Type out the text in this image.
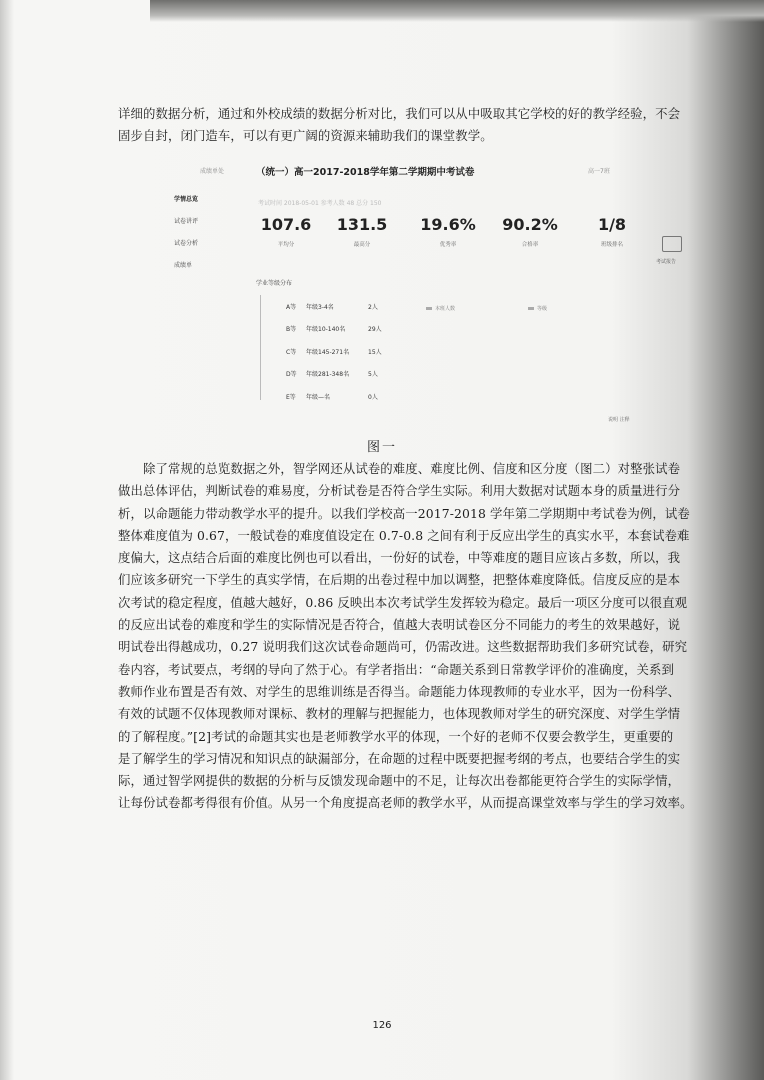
详细的数据分析，通过和外校成绩的数据分析对比，我们可以从中吸取其它学校的好的教学经验，不会
固步自封，闭门造车，可以有更广阔的资源来辅助我们的课堂教学。
成绩单处	（统一）高一2017-2018学年第二学期期中考试卷	高一7班
考试时间 2018-05-01 参考人数 48 总分 150
学情总览
试卷讲评
试卷分析
成绩单
107.6
平均分
131.5
最高分
19.6%
优秀率
90.2%
合格率
1/8
班级排名
考试报告
学业等级分布
A等 年级3-4名	2人
B等 年级10-140名	29人
C等 年级145-271名	15人
D等 年级281-348名	5人
E等 年级—名	0人
本班人数	等级
说明 注释
图一
　　除了常规的总览数据之外，智学网还从试卷的难度、难度比例、信度和区分度（图二）对整张试卷
做出总体评估，判断试卷的难易度，分析试卷是否符合学生实际。利用大数据对试题本身的质量进行分
析，以命题能力带动教学水平的提升。以我们学校高一2017-2018 学年第二学期期中考试卷为例，试卷
整体难度值为 0.67，一般试卷的难度值设定在 0.7-0.8 之间有利于反应出学生的真实水平，本套试卷难
度偏大，这点结合后面的难度比例也可以看出，一份好的试卷，中等难度的题目应该占多数，所以，我
们应该多研究一下学生的真实学情，在后期的出卷过程中加以调整，把整体难度降低。信度反应的是本
次考试的稳定程度，值越大越好，0.86 反映出本次考试学生发挥较为稳定。最后一项区分度可以很直观
的反应出试卷的难度和学生的实际情况是否符合，值越大表明试卷区分不同能力的考生的效果越好，说
明试卷出得越成功，0.27 说明我们这次试卷命题尚可，仍需改进。这些数据帮助我们多研究试卷，研究
卷内容，考试要点，考纲的导向了然于心。有学者指出：“命题关系到日常教学评价的准确度，关系到
教师作业布置是否有效、对学生的思维训练是否得当。命题能力体现教师的专业水平，因为一份科学、
有效的试题不仅体现教师对课标、教材的理解与把握能力，也体现教师对学生的研究深度、对学生学情
的了解程度。”[2]考试的命题其实也是老师教学水平的体现，一个好的老师不仅要会教学生，更重要的
是了解学生的学习情况和知识点的缺漏部分，在命题的过程中既要把握考纲的考点，也要结合学生的实
际，通过智学网提供的数据的分析与反馈发现命题中的不足，让每次出卷都能更符合学生的实际学情，
让每份试卷都考得很有价值。从另一个角度提高老师的教学水平，从而提高课堂效率与学生的学习效率。
126
